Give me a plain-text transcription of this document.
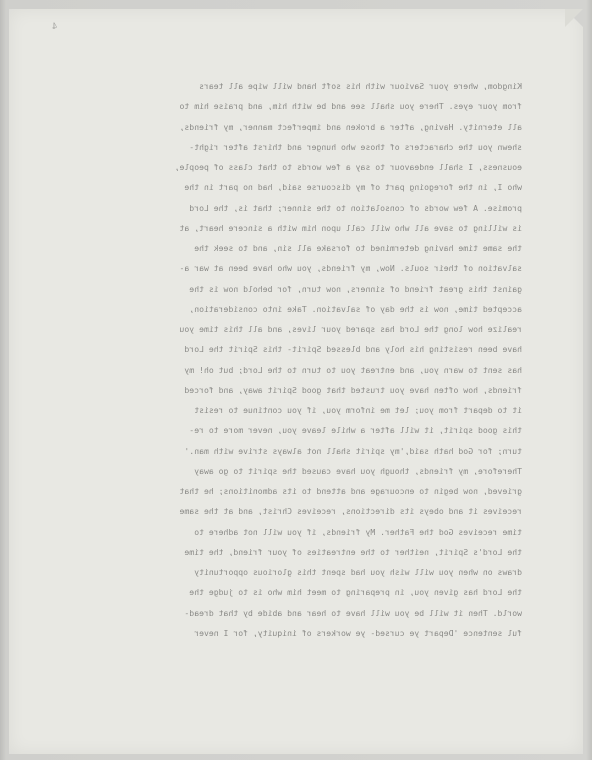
4
Kingdom, where your Saviour with his soft hand will wipe all tears
from your eyes. There you shall see and be with him, and praise him to
all eternity. Having, after a broken and imperfect manner, my friends,
shewn you the characters of those who hunger and thirst after right-
eousness, I shall endeavour to say a few words to that class of people,
who I, in the foregoing part of my discourse said, had no part in the
promise. A few words of consolation to the sinner; that is, the Lord
is willing to save all who will call upon him with a sincere heart, at
the same time having determined to forsake all sin, and to seek the
salvation of their souls. Now, my friends, you who have been at war a-
gainst this great friend of sinners, now turn, for behold now is the
accepted time, now is the day of salvation. Take into consideration,
realize how long the Lord has spared your lives, and all this time you
have been resisting his holy and blessed Spirit- this Spirit the Lord
has sent to warn you, and entreat you to turn to the Lord; but oh! my
friends, how often have you trusted that good Spirit away, and forced
it to depart from you; let me inform you, if you continue to resist
this good spirit, it will after a while leave you, never more to re-
turn; for God hath said,'my spirit shall not always strive with man.'
Therefore, my friends, though you have caused the spirit to go away
grieved, now begin to encourage and attend to its admonitions; he that
receives it and obeys its directions, receives Christ, and at the same
time receives God the Father. My friends, if you will not adhere to
the Lord's Spirit, neither to the entreaties of your friend, the time
draws on when you will wish you had spent this glorious opportunity
the Lord has given you, in preparing to meet him who is to judge the
world. Then it will be you will have to hear and abide by that dread-
ful sentence 'Depart ye cursed- ye workers of iniquity, for I never
